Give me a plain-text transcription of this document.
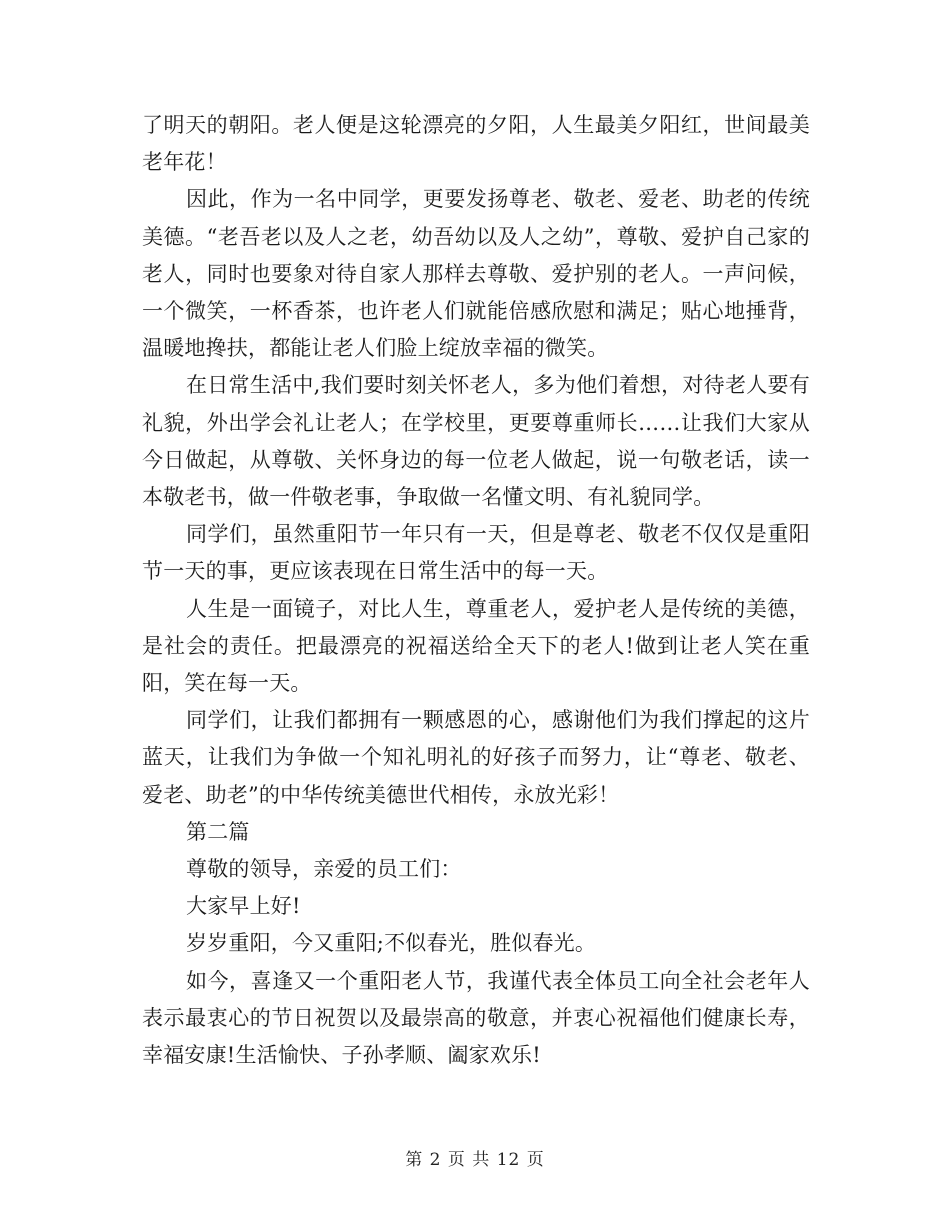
了明天的朝阳。老人便是这轮漂亮的夕阳，人生最美夕阳红，世间最美老年花！

因此，作为一名中同学，更要发扬尊老、敬老、爱老、助老的传统美德。“老吾老以及人之老，幼吾幼以及人之幼”，尊敬、爱护自己家的老人，同时也要象对待自家人那样去尊敬、爱护别的老人。一声问候，一个微笑，一杯香茶，也许老人们就能倍感欣慰和满足；贴心地捶背，温暖地搀扶，都能让老人们脸上绽放幸福的微笑。

在日常生活中,我们要时刻关怀老人，多为他们着想，对待老人要有礼貌，外出学会礼让老人；在学校里，更要尊重师长……让我们大家从今日做起，从尊敬、关怀身边的每一位老人做起，说一句敬老话，读一本敬老书，做一件敬老事，争取做一名懂文明、有礼貌同学。

同学们，虽然重阳节一年只有一天，但是尊老、敬老不仅仅是重阳节一天的事，更应该表现在日常生活中的每一天。

人生是一面镜子，对比人生，尊重老人，爱护老人是传统的美德，是社会的责任。把最漂亮的祝福送给全天下的老人!做到让老人笑在重阳，笑在每一天。

同学们，让我们都拥有一颗感恩的心，感谢他们为我们撑起的这片蓝天，让我们为争做一个知礼明礼的好孩子而努力，让“尊老、敬老、爱老、助老”的中华传统美德世代相传，永放光彩！

第二篇

尊敬的领导，亲爱的员工们：

大家早上好!

岁岁重阳，今又重阳;不似春光，胜似春光。

如今，喜逢又一个重阳老人节，我谨代表全体员工向全社会老年人表示最衷心的节日祝贺以及最崇高的敬意，并衷心祝福他们健康长寿，幸福安康!生活愉快、子孙孝顺、阖家欢乐!

第 2 页 共 12 页
